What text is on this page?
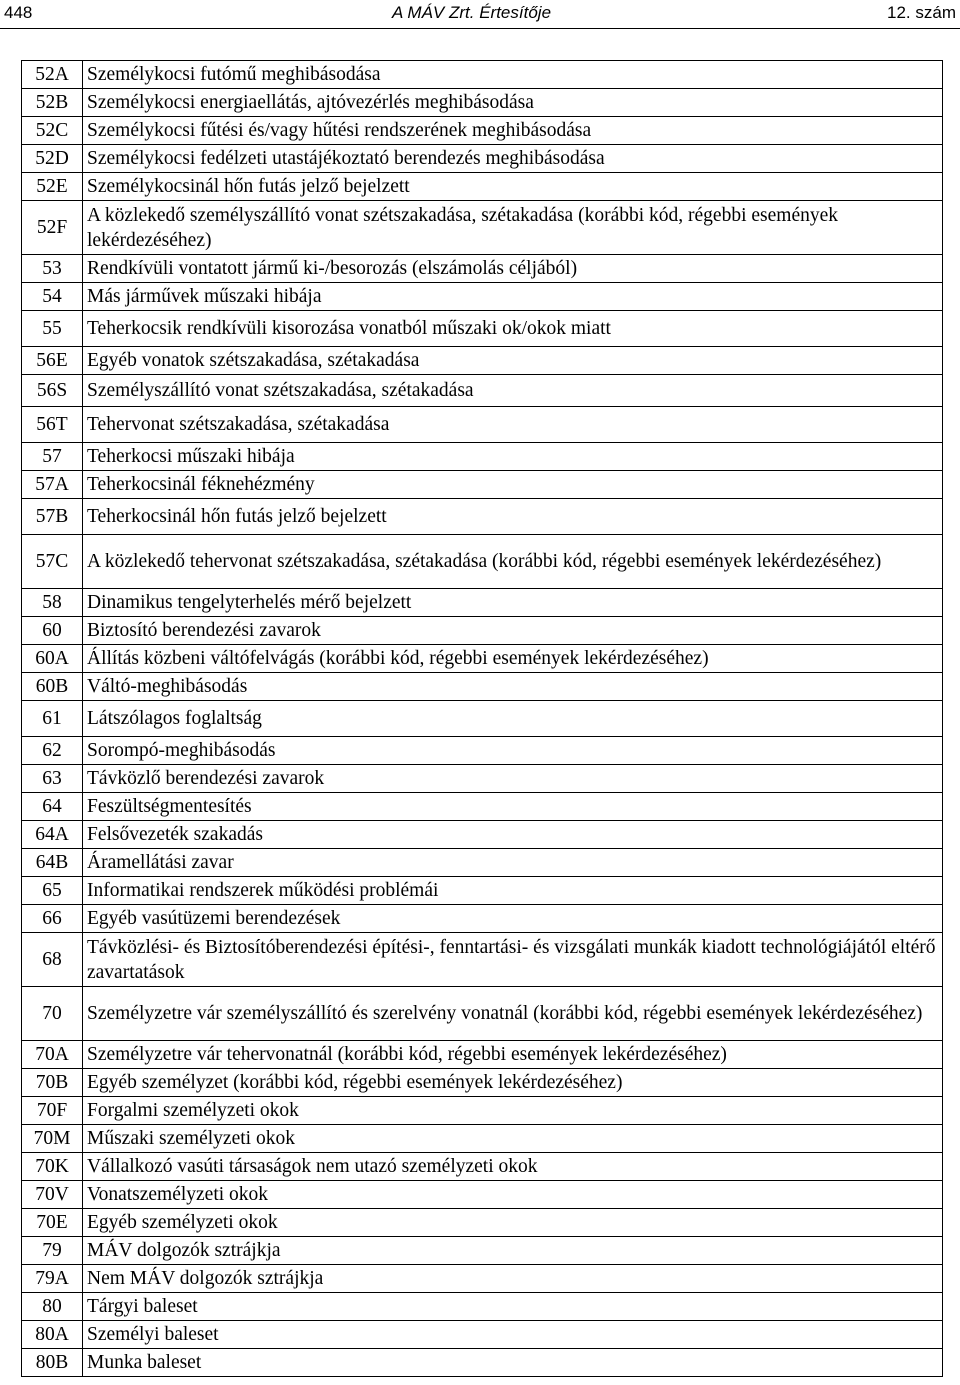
448	A MÁV Zrt. Értesítője	12. szám
52A	Személykocsi futómű meghibásodása
52B	Személykocsi energiaellátás, ajtóvezérlés meghibásodása
52C	Személykocsi fűtési és/vagy hűtési rendszerének meghibásodása
52D	Személykocsi fedélzeti utastájékoztató berendezés meghibásodása
52E	Személykocsinál hőn futás jelző bejelzett
52F	A közlekedő személyszállító vonat szétszakadása, szétakadása (korábbi kód, régebbi események lekérdezéséhez)
53	Rendkívüli vontatott jármű ki-/besorozás (elszámolás céljából)
54	Más járművek műszaki hibája
55	Teherkocsik rendkívüli kisorozása vonatból műszaki ok/okok miatt
56E	Egyéb vonatok szétszakadása, szétakadása
56S	Személyszállító vonat szétszakadása, szétakadása
56T	Tehervonat szétszakadása, szétakadása
57	Teherkocsi műszaki hibája
57A	Teherkocsinál féknehézmény
57B	Teherkocsinál hőn futás jelző bejelzett
57C	A közlekedő tehervonat szétszakadása, szétakadása (korábbi kód, régebbi események lekérdezéséhez)
58	Dinamikus tengelyterhelés mérő bejelzett
60	Biztosító berendezési zavarok
60A	Állítás közbeni váltófelvágás (korábbi kód, régebbi események lekérdezéséhez)
60B	Váltó-meghibásodás
61	Látszólagos foglaltság
62	Sorompó-meghibásodás
63	Távközlő berendezési zavarok
64	Feszültségmentesítés
64A	Felsővezeték szakadás
64B	Áramellátási zavar
65	Informatikai rendszerek működési problémái
66	Egyéb vasútüzemi berendezések
68	Távközlési- és Biztosítóberendezési építési-, fenntartási- és vizsgálati munkák kiadott technológiájától eltérő zavartatások
70	Személyzetre vár személyszállító és szerelvény vonatnál (korábbi kód, régebbi események lekérdezéséhez)
70A	Személyzetre vár tehervonatnál (korábbi kód, régebbi események lekérdezéséhez)
70B	Egyéb személyzet (korábbi kód, régebbi események lekérdezéséhez)
70F	Forgalmi személyzeti okok
70M	Műszaki személyzeti okok
70K	Vállalkozó vasúti társaságok nem utazó személyzeti okok
70V	Vonatszemélyzeti okok
70E	Egyéb személyzeti okok
79	MÁV dolgozók sztrájkja
79A	Nem MÁV dolgozók sztrájkja
80	Tárgyi baleset
80A	Személyi baleset
80B	Munka baleset
